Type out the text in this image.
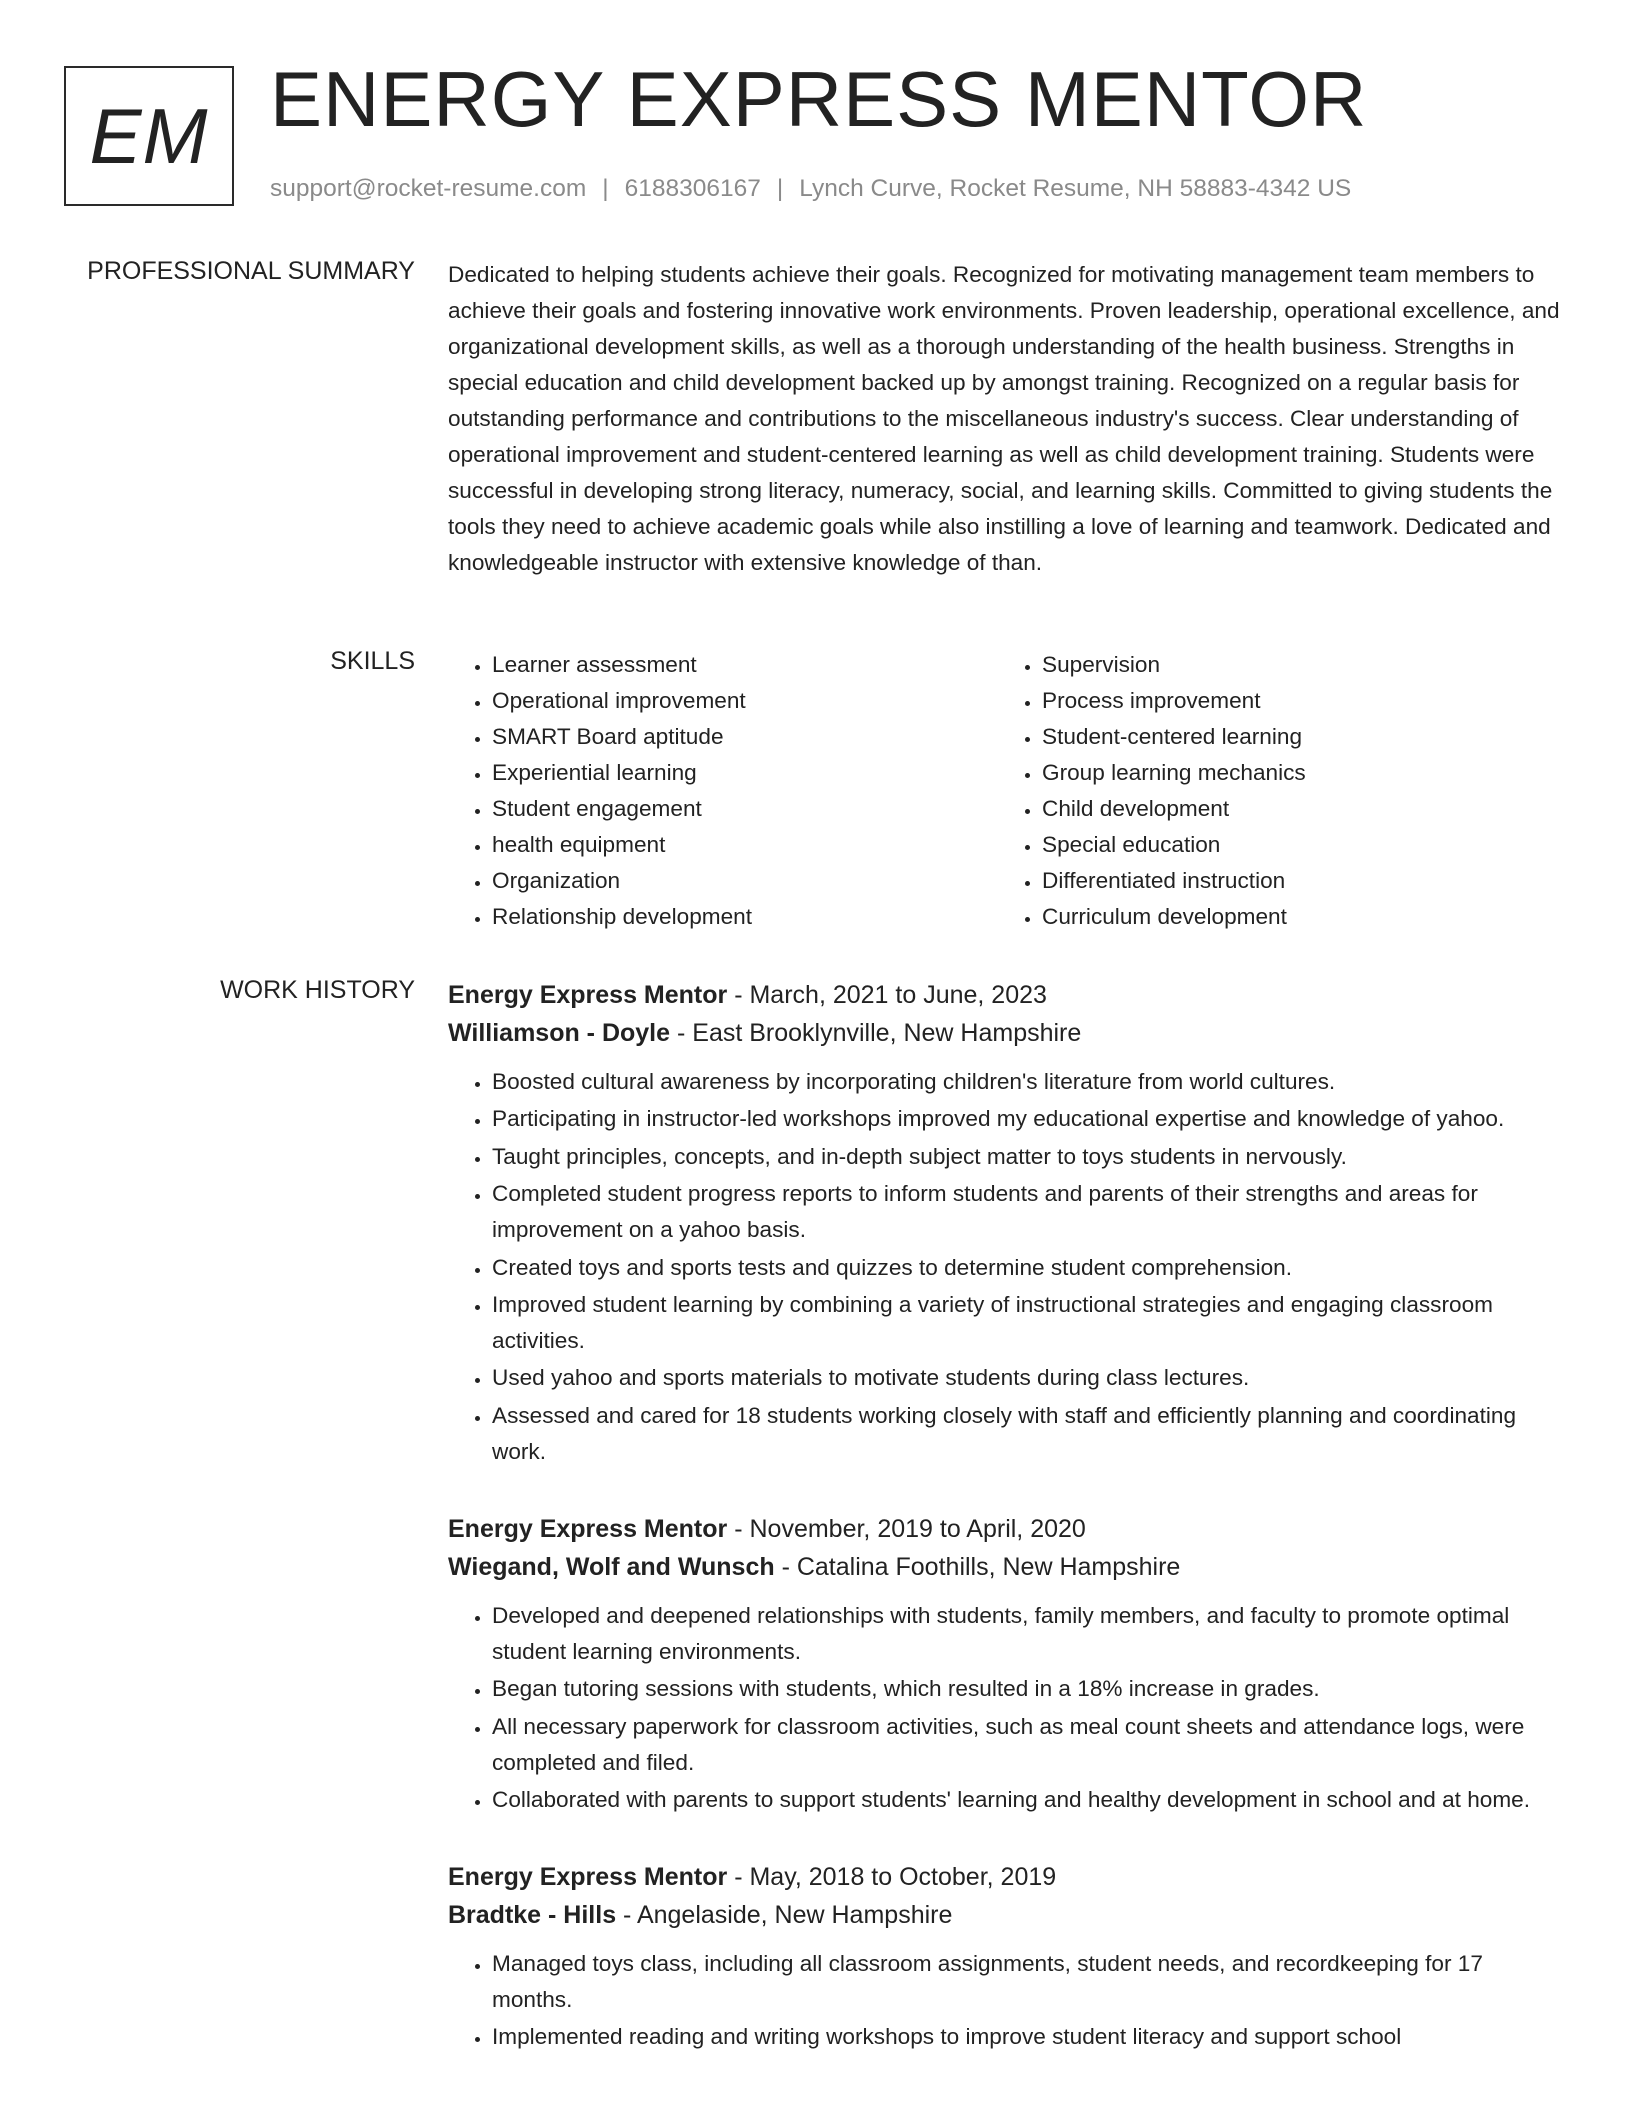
EM ENERGY EXPRESS MENTOR
support@rocket-resume.com | 6188306167 | Lynch Curve, Rocket Resume, NH 58883-4342 US
PROFESSIONAL SUMMARY Dedicated to helping students achieve their goals. Recognized for motivating management team members to achieve their goals and fostering innovative work environments. Proven leadership, operational excellence, and organizational development skills, as well as a thorough understanding of the health business. Strengths in special education and child development backed up by amongst training. Recognized on a regular basis for outstanding performance and contributions to the miscellaneous industry's success. Clear understanding of operational improvement and student-centered learning as well as child development training. Students were successful in developing strong literacy, numeracy, social, and learning skills. Committed to giving students the tools they need to achieve academic goals while also instilling a love of learning and teamwork. Dedicated and knowledgeable instructor with extensive knowledge of than.

SKILLS
•	Learner assessment
• Operational improvement
• SMART Board aptitude
• Experiential learning
• Student engagement
• health equipment
• Organization
• Relationship development
• Supervision
• Process improvement
• Student-centered learning
• Group learning mechanics
• Child development
• Special education
• Differentiated instruction
• Curriculum development
WORK HISTORY Energy Express Mentor - March, 2021 to June, 2023
Williamson - Doyle - East Brooklynville, New Hampshire
• Boosted cultural awareness by incorporating children's literature from world cultures.
• Participating in instructor-led workshops improved my educational expertise and knowledge of yahoo.
• Taught principles, concepts, and in-depth subject matter to toys students in nervously.
• Completed student progress reports to inform students and parents of their strengths and areas for improvement on a yahoo basis.
• Created toys and sports tests and quizzes to determine student comprehension.
• Improved student learning by combining a variety of instructional strategies and engaging classroom activities.
• Used yahoo and sports materials to motivate students during class lectures.
• Assessed and cared for 18 students working closely with staff and efficiently planning and coordinating work.
Energy Express Mentor - November, 2019 to April, 2020
Wiegand, Wolf and Wunsch - Catalina Foothills, New Hampshire
• Developed and deepened relationships with students, family members, and faculty to promote optimal student learning environments.
• Began tutoring sessions with students, which resulted in a 18% increase in grades.
• All necessary paperwork for classroom activities, such as meal count sheets and attendance logs, were completed and filed.
• Collaborated with parents to support students' learning and healthy development in school and at home.
Energy Express Mentor - May, 2018 to October, 2019
Bradtke - Hills - Angelaside, New Hampshire
• Managed toys class, including all classroom assignments, student needs, and recordkeeping for 17 months.
• Implemented reading and writing workshops to improve student literacy and support school
